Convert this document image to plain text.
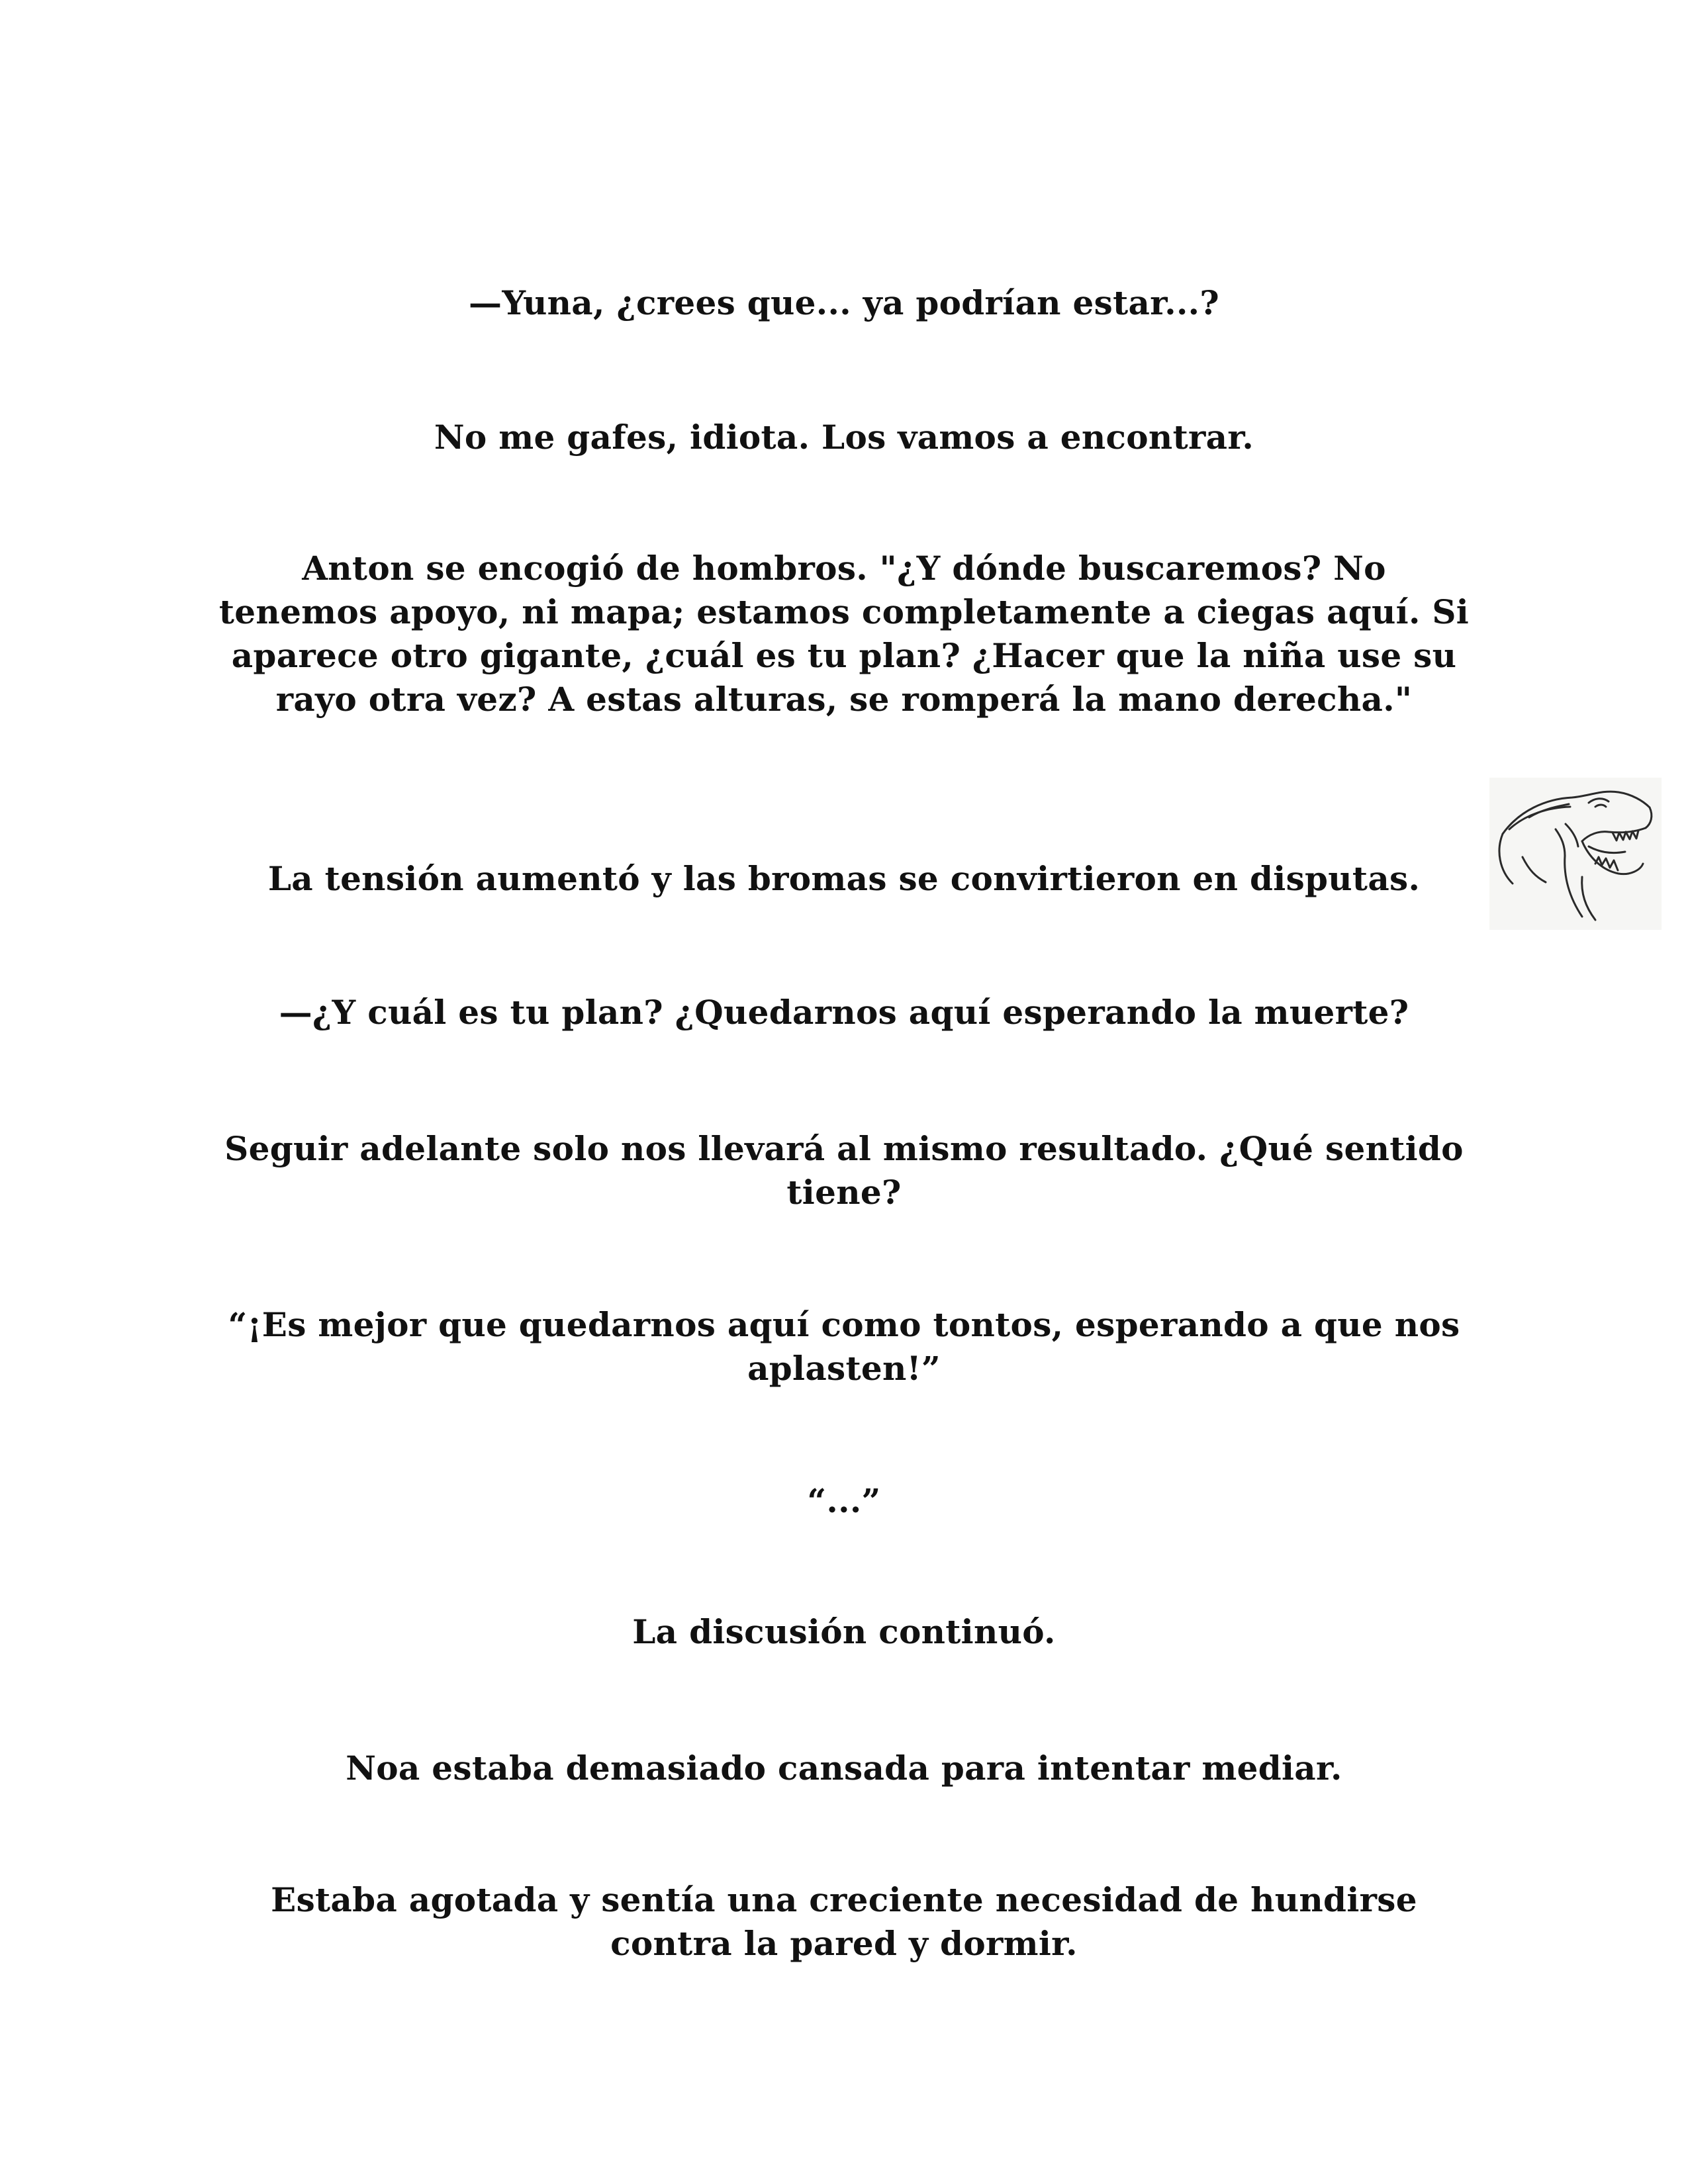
—Yuna, ¿crees que... ya podrían estar...?

No me gafes, idiota. Los vamos a encontrar.

Anton se encogió de hombros. "¿Y dónde buscaremos? No tenemos apoyo, ni mapa; estamos completamente a ciegas aquí. Si aparece otro gigante, ¿cuál es tu plan? ¿Hacer que la niña use su rayo otra vez? A estas alturas, se romperá la mano derecha."

La tensión aumentó y las bromas se convirtieron en disputas.

—¿Y cuál es tu plan? ¿Quedarnos aquí esperando la muerte?

Seguir adelante solo nos llevará al mismo resultado. ¿Qué sentido tiene?

“¡Es mejor que quedarnos aquí como tontos, esperando a que nos aplasten!”

“...”

La discusión continuó.

Noa estaba demasiado cansada para intentar mediar.

Estaba agotada y sentía una creciente necesidad de hundirse contra la pared y dormir.
